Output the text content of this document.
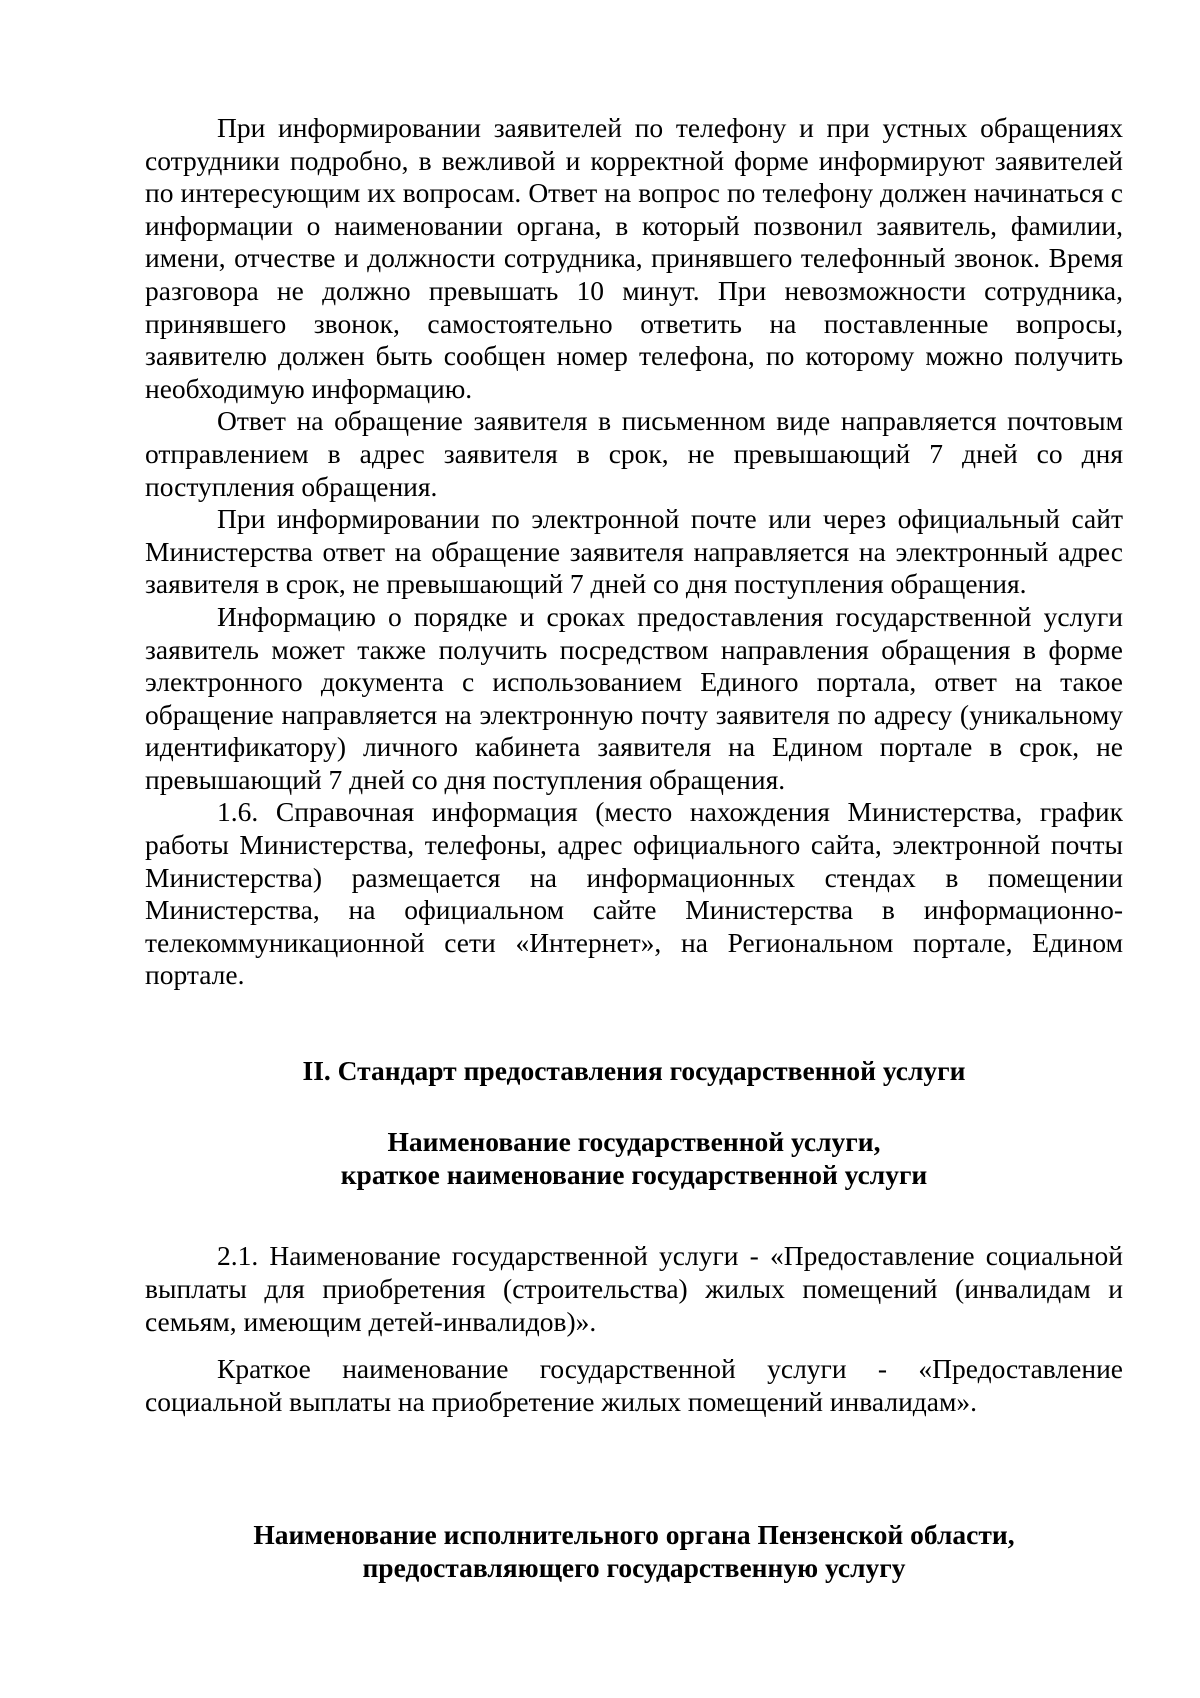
При информировании заявителей по телефону и при устных обращениях сотрудники подробно, в вежливой и корректной форме информируют заявителей по интересующим их вопросам. Ответ на вопрос по телефону должен начинаться с информации о наименовании органа, в который позвонил заявитель, фамилии, имени, отчестве и должности сотрудника, принявшего телефонный звонок. Время разговора не должно превышать 10 минут. При невозможности сотрудника, принявшего звонок, самостоятельно ответить на поставленные вопросы, заявителю должен быть сообщен номер телефона, по которому можно получить необходимую информацию.

Ответ на обращение заявителя в письменном виде направляется почтовым отправлением в адрес заявителя в срок, не превышающий 7 дней со дня поступления обращения.

При информировании по электронной почте или через официальный сайт Министерства ответ на обращение заявителя направляется на электронный адрес заявителя в срок, не превышающий 7 дней со дня поступления обращения.

Информацию о порядке и сроках предоставления государственной услуги заявитель может также получить посредством направления обращения в форме электронного документа с использованием Единого портала, ответ на такое обращение направляется на электронную почту заявителя по адресу (уникальному идентификатору) личного кабинета заявителя на Едином портале в срок, не превышающий 7 дней со дня поступления обращения.

1.6. Справочная информация (место нахождения Министерства, график работы Министерства, телефоны, адрес официального сайта, электронной почты Министерства) размещается на информационных стендах в помещении Министерства, на официальном сайте Министерства в информационно-телекоммуникационной сети «Интернет», на Региональном портале, Едином портале.

II. Стандарт предоставления государственной услуги
Наименование государственной услуги,
краткое наименование государственной услуги

2.1. Наименование государственной услуги - «Предоставление социальной выплаты для приобретения (строительства) жилых помещений (инвалидам и семьям, имеющим детей-инвалидов)».

Краткое наименование государственной услуги - «Предоставление социальной выплаты на приобретение жилых помещений инвалидам».

Наименование исполнительного органа Пензенской области,
предоставляющего государственную услугу
